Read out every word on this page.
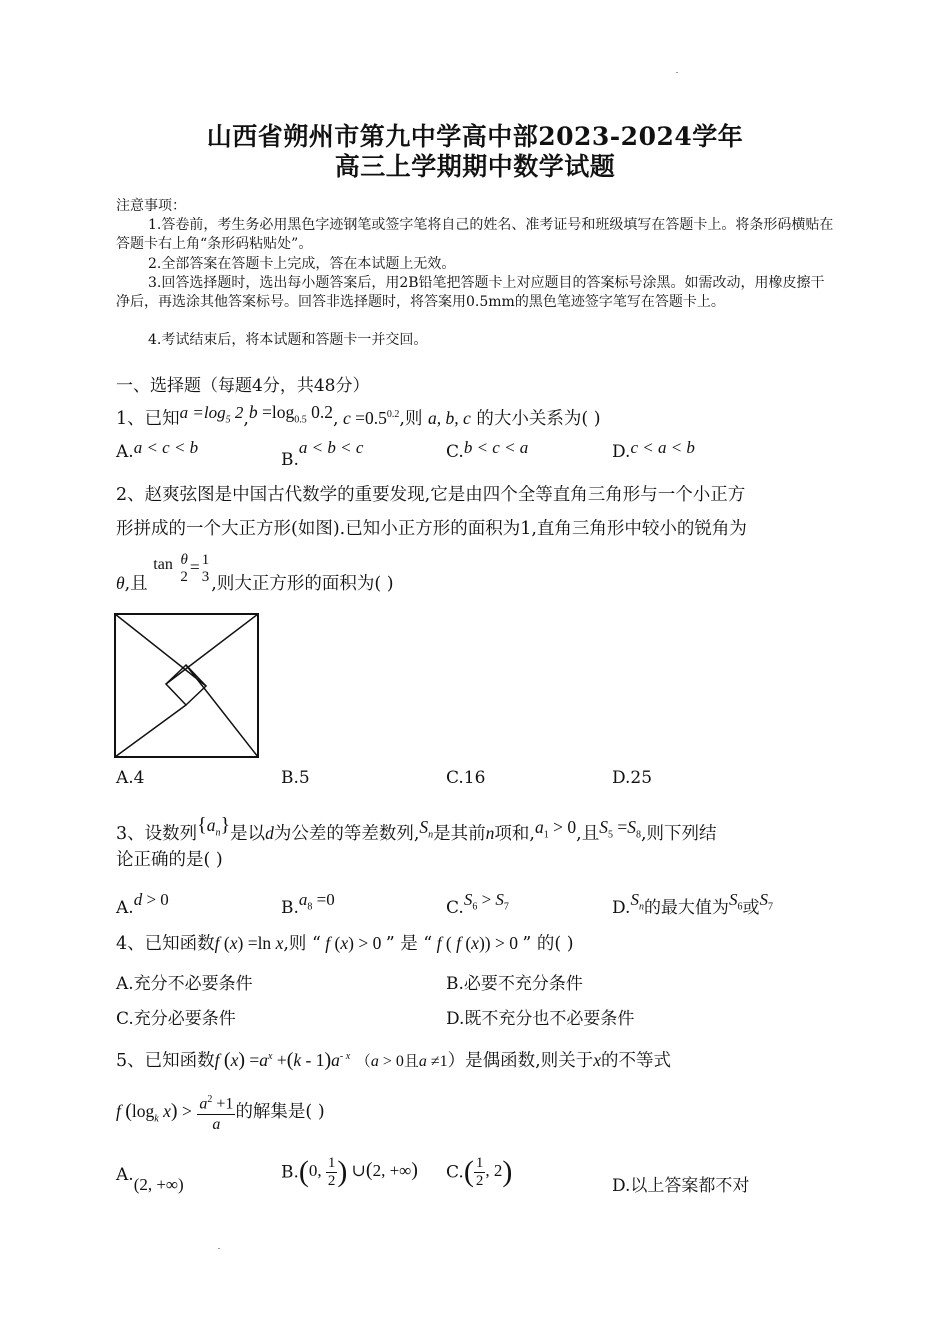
山西省朔州市第九中学高中部2023-2024学年
高三上学期期中数学试题
注意事项：
1.答卷前，考生务必用黑色字迹钢笔或签字笔将自己的姓名、准考证号和班级填写在答题卡上。将条形码横贴在答题卡右上角“条形码粘贴处”。
2.全部答案在答题卡上完成，答在本试题上无效。
3.回答选择题时，选出每小题答案后，用2B铅笔把答题卡上对应题目的答案标号涂黑。如需改动，用橡皮擦干净后，再选涂其他答案标号。回答非选择题时，将答案用0.5mm的黑色笔迹签字笔写在答题卡上。
4.考试结束后，将本试题和答题卡一并交回。
一、选择题（每题4分，共48分）
1、已知$^{a =log_5 2},b =\log_{0.5}$ 0.2, $c =0.5^{0.2}$,则 a, b, c 的大小关系为( )
A.a < c < b
B.a < b < c	C.b < c < a	D.c < a < b
2、赵爽弦图是中国古代数学的重要发现,它是由四个全等直角三角形与一个小正方
形拼成的一个大正方形(如图).已知小正方形的面积为1,直角三角形中较小的锐角为
θ,且 tan θ
2 = 1
3 ,则大正方形的面积为( )
A.4	B.5	C.16	D.25
3、设数列$\{a_n\}$是以d为公差的等差数列$,S_n$是其前n项和$,a_1 > 0$,且$S_5 =S_8$,则下列结
论正确的是( )
A.d > 0	$B.a_8 =0$	$C.S_6 > S_7$	$D.S_n$的最大值为$S_6$或$S_7$
4、已知函数f (x) =ln x,则 “ f (x) > 0 ” 是 “ f ( f (x)) > 0 ” 的( )
A.充分不必要条件	B.必要不充分条件
C.充分必要条件	D.既不充分也不必要条件
5、已知函数f $(x) =a^x +(k - 1)a^{- x}$ （a > 0且a ≠1）是偶函数,则关于x的不等式
f ($\log_k$ $x) > \frac{a^2 +1}{a}$ 的解集是( )
A.(2, +∞)
B.(0, $\frac{1}{2}$ ) ∪(2, +∞) $C.( \frac{1}{2}$ , 2)	D.以上答案都不对
